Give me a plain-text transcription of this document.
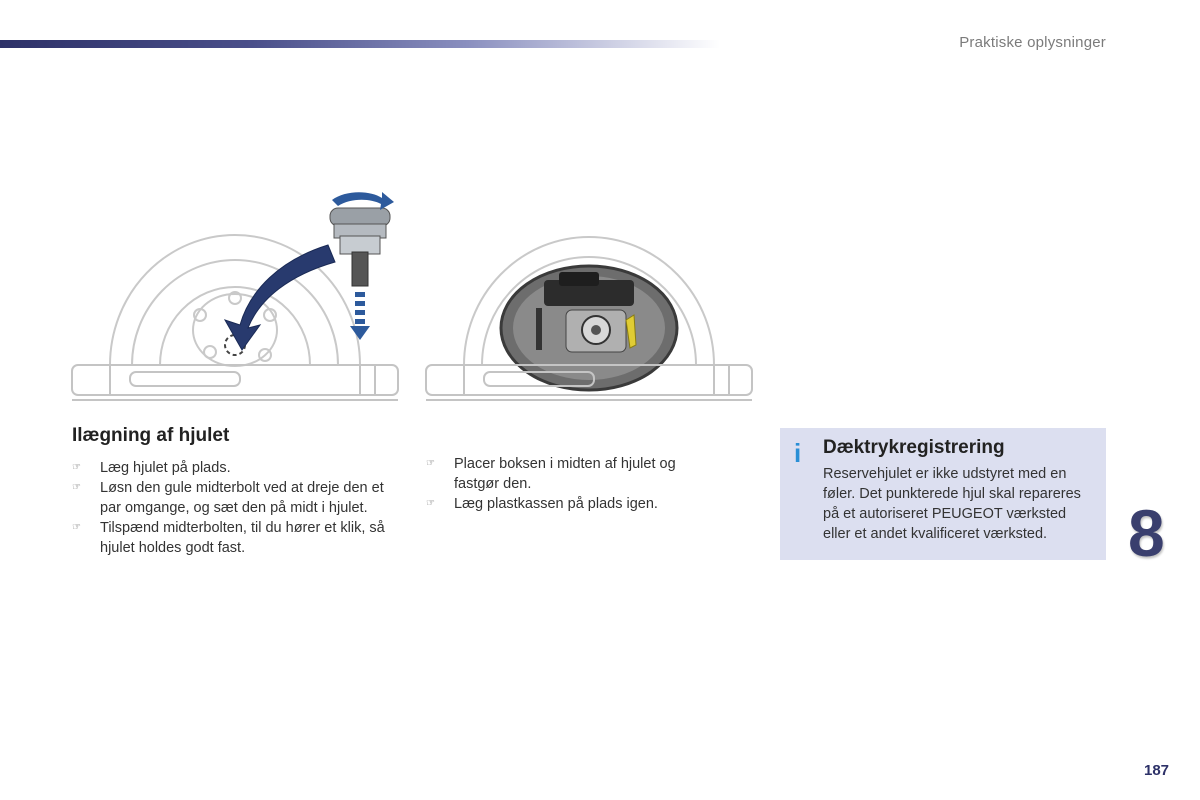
Praktiske oplysninger
Ilægning af hjulet
☞	Læg hjulet på plads.
☞	Løsn den gule midterbolt ved at dreje den et par omgange, og sæt den på midt i hjulet.
☞	Tilspænd midterbolten, til du hører et klik, så hjulet holdes godt fast.
☞	Placer boksen i midten af hjulet og fastgør den.
☞	Læg plastkassen på plads igen.
i	Dæktrykregistrering
Reservehjulet er ikke udstyret med en føler. Det punkterede hjul skal repareres på et autoriseret PEUGEOT værksted eller et andet kvalificeret værksted.	8
187
